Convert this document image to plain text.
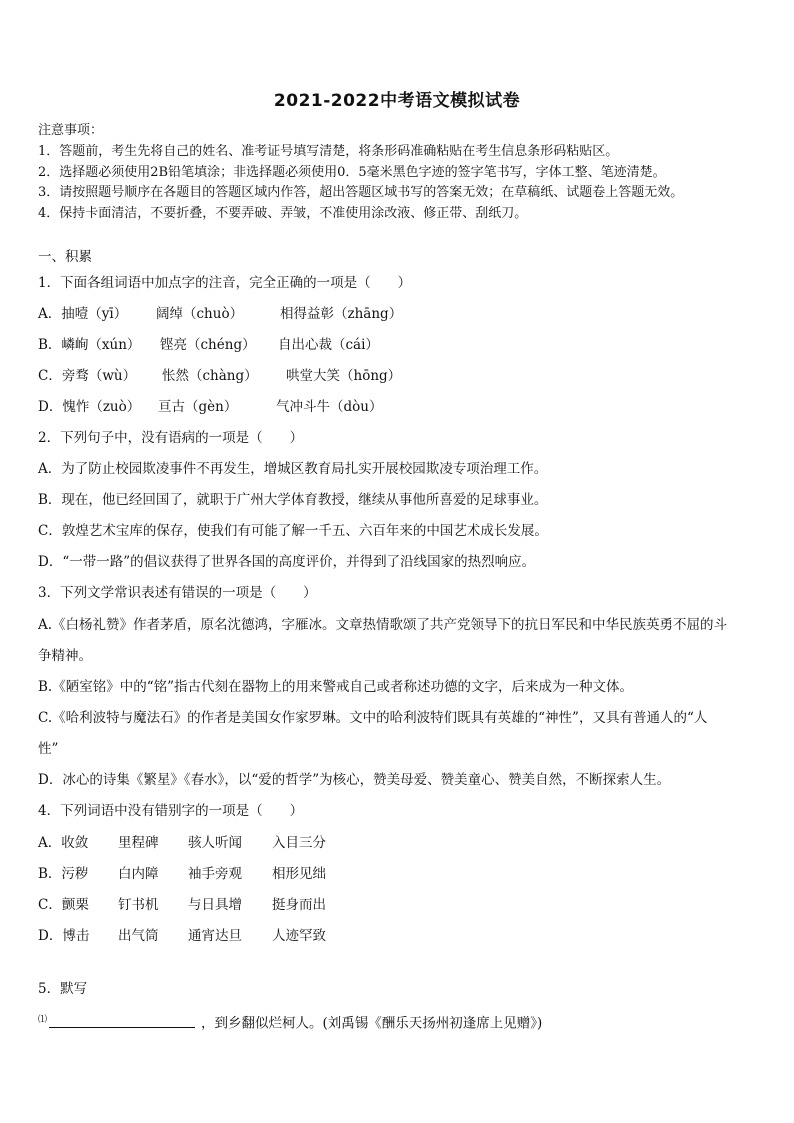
2021-2022中考语文模拟试卷
注意事项：
1．答题前，考生先将自己的姓名、准考证号填写清楚，将条形码准确粘贴在考生信息条形码粘贴区。
2．选择题必须使用2B铅笔填涂；非选择题必须使用0．5毫米黑色字迹的签字笔书写，字体工整、笔迹清楚。
3．请按照题号顺序在各题目的答题区域内作答，超出答题区域书写的答案无效；在草稿纸、试题卷上答题无效。
4．保持卡面清洁，不要折叠，不要弄破、弄皱，不准使用涂改液、修正带、刮纸刀。
一、积累
1．下面各组词语中加点字的注音，完全正确的一项是（　　）
A．抽噎（yī） 阔绰（chuò）	相得益彰（zhāng）
B．嶙峋（xún） 铿亮（chéng） 自出心裁（cái）
C．旁骛（wù） 怅然（chàng） 哄堂大笑（hōng）
D．愧怍（zuò） 亘古（gèn）	气冲斗牛（dòu）
2．下列句子中，没有语病的一项是（　　）
A．为了防止校园欺凌事件不再发生，增城区教育局扎实开展校园欺凌专项治理工作。
B．现在，他已经回国了，就职于广州大学体育教授，继续从事他所喜爱的足球事业。
C．敦煌艺术宝库的保存，使我们有可能了解一千五、六百年来的中国艺术成长发展。
D．“一带一路”的倡议获得了世界各国的高度评价，并得到了沿线国家的热烈响应。
3．下列文学常识表述有错误的一项是（　　）
A.《白杨礼赞》作者茅盾，原名沈德鸿，字雁冰。文章热情歌颂了共产党领导下的抗日军民和中华民族英勇不屈的斗
争精神。
B.《陋室铭》中的“铭”指古代刻在器物上的用来警戒自己或者称述功德的文字，后来成为一种文体。
C.《哈利波特与魔法石》的作者是美国女作家罗琳。文中的哈利波特们既具有英雄的“神性”，又具有普通人的“人
性”
D．冰心的诗集《繁星》《春水》，以“爱的哲学”为核心，赞美母爱、赞美童心、赞美自然，不断探索人生。
4．下列词语中没有错别字的一项是（　　）
A．收敛 里程碑 骇人听闻 入目三分
B．污秽 白内障 袖手旁观 相形见绌
C．颤栗 钉书机 与日具增 挺身而出
D．博击 出气筒 通宵达旦 人迹罕致
5．默写
⑴	，到乡翻似烂柯人。(刘禹锡《酬乐天扬州初逢席上见赠》)
